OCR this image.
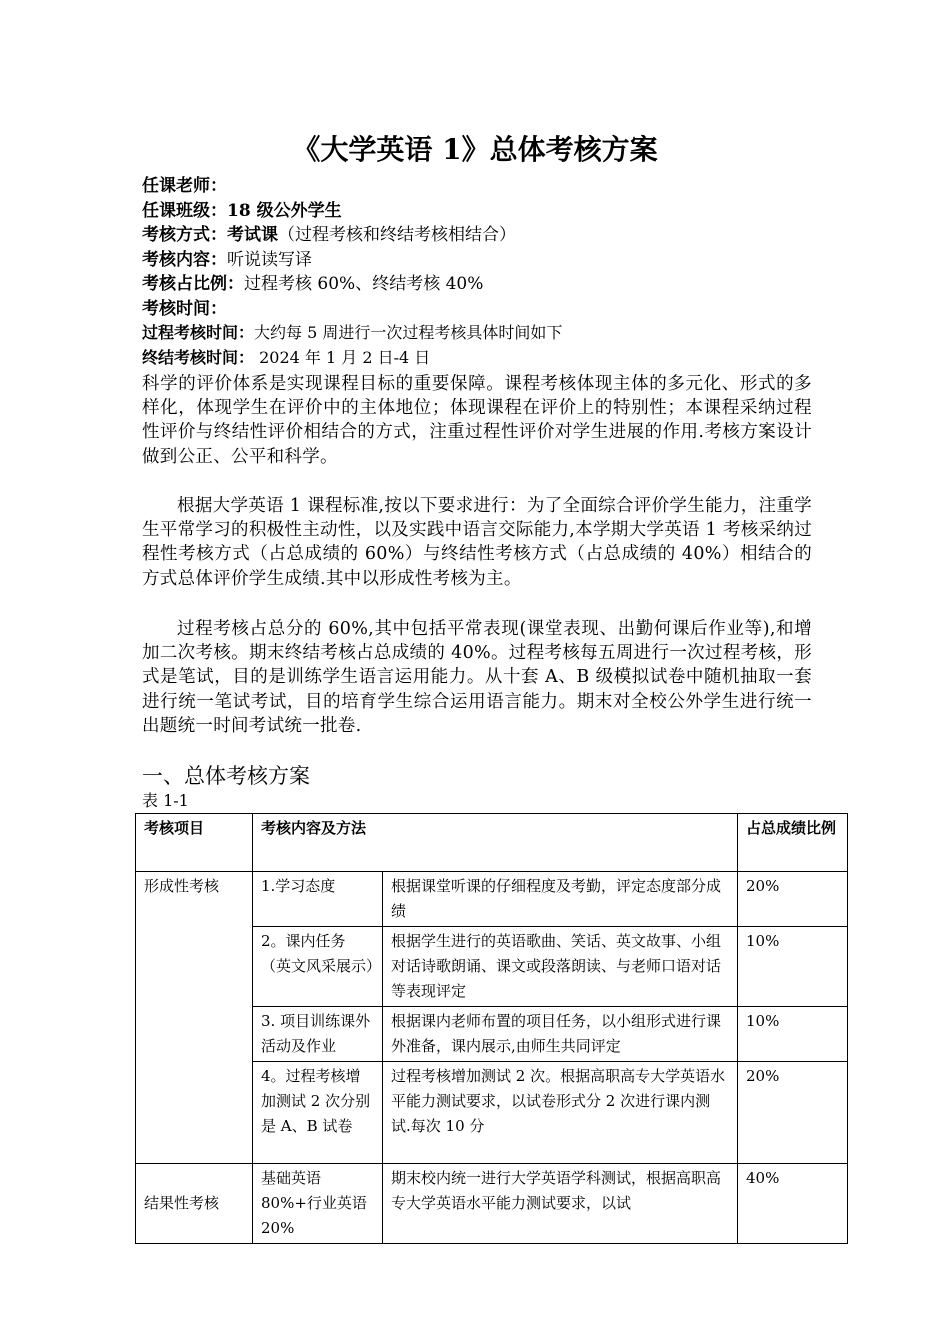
《大学英语 1》总体考核方案
任课老师：
任课班级：18 级公外学生
考核方式：考试课（过程考核和终结考核相结合）
考核内容：听说读写译
考核占比例：过程考核 60%、终结考核 40%
考核时间：
过程考核时间：大约每 5 周进行一次过程考核具体时间如下
终结考核时间： 2024 年 1 月 2 日-4 日
科学的评价体系是实现课程目标的重要保障。课程考核体现主体的多元化、形式的多样化，体现学生在评价中的主体地位；体现课程在评价上的特别性；本课程采纳过程性评价与终结性评价相结合的方式，注重过程性评价对学生进展的作用.考核方案设计做到公正、公平和科学。
根据大学英语 1 课程标准,按以下要求进行：为了全面综合评价学生能力，注重学生平常学习的积极性主动性，以及实践中语言交际能力,本学期大学英语 1 考核采纳过程性考核方式（占总成绩的 60%）与终结性考核方式（占总成绩的 40%）相结合的方式总体评价学生成绩.其中以形成性考核为主。
过程考核占总分的 60%,其中包括平常表现(课堂表现、出勤何课后作业等),和增加二次考核。期末终结考核占总成绩的 40%。过程考核每五周进行一次过程考核，形式是笔试，目的是训练学生语言运用能力。从十套 A、B 级模拟试卷中随机抽取一套进行统一笔试考试，目的培育学生综合运用语言能力。期末对全校公外学生进行统一出题统一时间考试统一批卷.
一、总体考核方案
表 1-1
考核项目	考核内容及方法		占总成绩比例
形成性考核	1.学习态度	根据课堂听课的仔细程度及考勤，评定态度部分成绩	20%
	2。课内任务（英文风采展示）	根据学生进行的英语歌曲、笑话、英文故事、小组对话诗歌朗诵、课文或段落朗读、与老师口语对话等表现评定	10%
	3. 项目训练课外活动及作业	根据课内老师布置的项目任务，以小组形式进行课外准备，课内展示,由师生共同评定	10%
	4。过程考核增加测试 2 次分别是 A、B 试卷	过程考核增加测试 2 次。根据高职高专大学英语水平能力测试要求，以试卷形式分 2 次进行课内测试.每次 10 分	20%
结果性考核	基础英语 80%+行业英语 20%	期末校内统一进行大学英语学科测试，根据高职高专大学英语水平能力测试要求，以试	40%
